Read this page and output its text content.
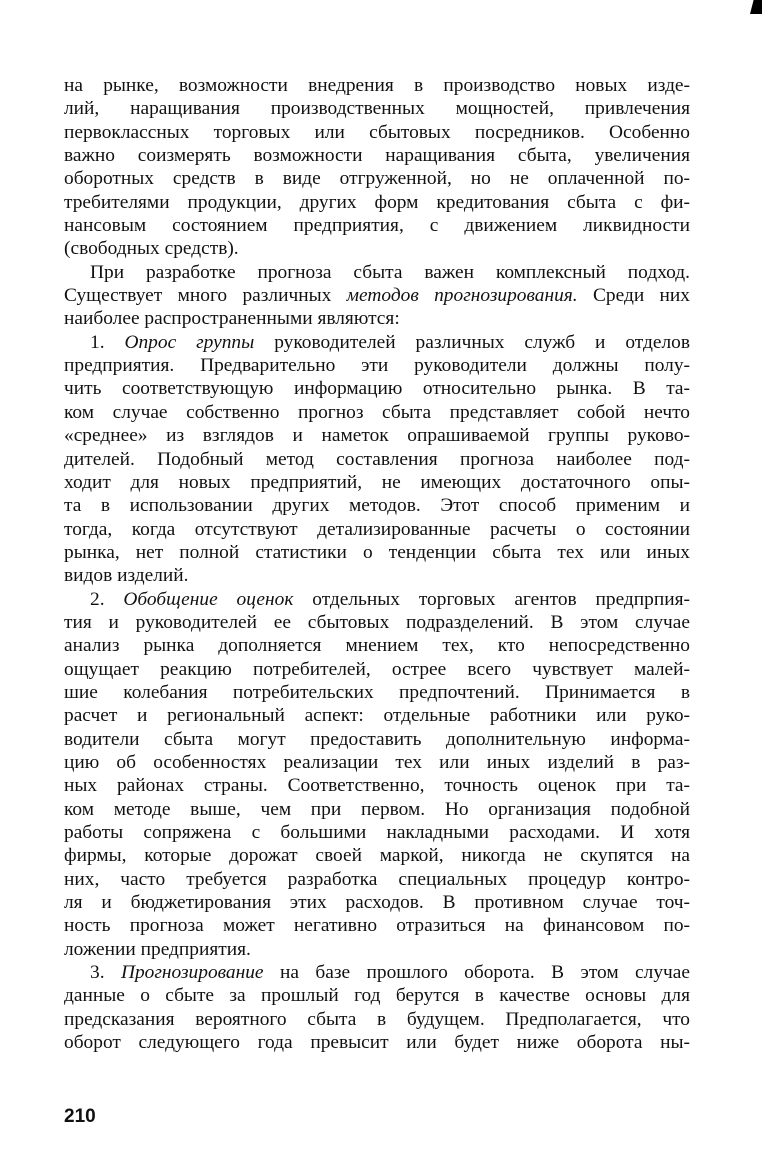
на рынке, возможности внедрения в производство новых изде-
лий, наращивания производственных мощностей, привлечения
первоклассных торговых или сбытовых посредников. Особенно
важно соизмерять возможности наращивания сбыта, увеличения
оборотных средств в виде отгруженной, но не оплаченной по-
требителями продукции, других форм кредитования сбыта с фи-
нансовым состоянием предприятия, с движением ликвидности
(свободных средств).
При разработке прогноза сбыта важен комплексный подход.
Существует много различных методов прогнозирования. Среди них
наиболее распространенными являются:
1. Опрос группы руководителей различных служб и отделов
предприятия. Предварительно эти руководители должны полу-
чить соответствующую информацию относительно рынка. В та-
ком случае собственно прогноз сбыта представляет собой нечто
«среднее» из взглядов и наметок опрашиваемой группы руково-
дителей. Подобный метод составления прогноза наиболее под-
ходит для новых предприятий, не имеющих достаточного опы-
та в использовании других методов. Этот способ применим и
тогда, когда отсутствуют детализированные расчеты о состоянии
рынка, нет полной статистики о тенденции сбыта тех или иных
видов изделий.
2. Обобщение оценок отдельных торговых агентов предпрпия-
тия и руководителей ее сбытовых подразделений. В этом случае
анализ рынка дополняется мнением тех, кто непосредственно
ощущает реакцию потребителей, острее всего чувствует малей-
шие колебания потребительских предпочтений. Принимается в
расчет и региональный аспект: отдельные работники или руко-
водители сбыта могут предоставить дополнительную информа-
цию об особенностях реализации тех или иных изделий в раз-
ных районах страны. Соответственно, точность оценок при та-
ком методе выше, чем при первом. Но организация подобной
работы сопряжена с большими накладными расходами. И хотя
фирмы, которые дорожат своей маркой, никогда не скупятся на
них, часто требуется разработка специальных процедур контро-
ля и бюджетирования этих расходов. В противном случае точ-
ность прогноза может негативно отразиться на финансовом по-
ложении предприятия.
3. Прогнозирование на базе прошлого оборота. В этом случае
данные о сбыте за прошлый год берутся в качестве основы для
предсказания вероятного сбыта в будущем. Предполагается, что
оборот следующего года превысит или будет ниже оборота ны-
210
